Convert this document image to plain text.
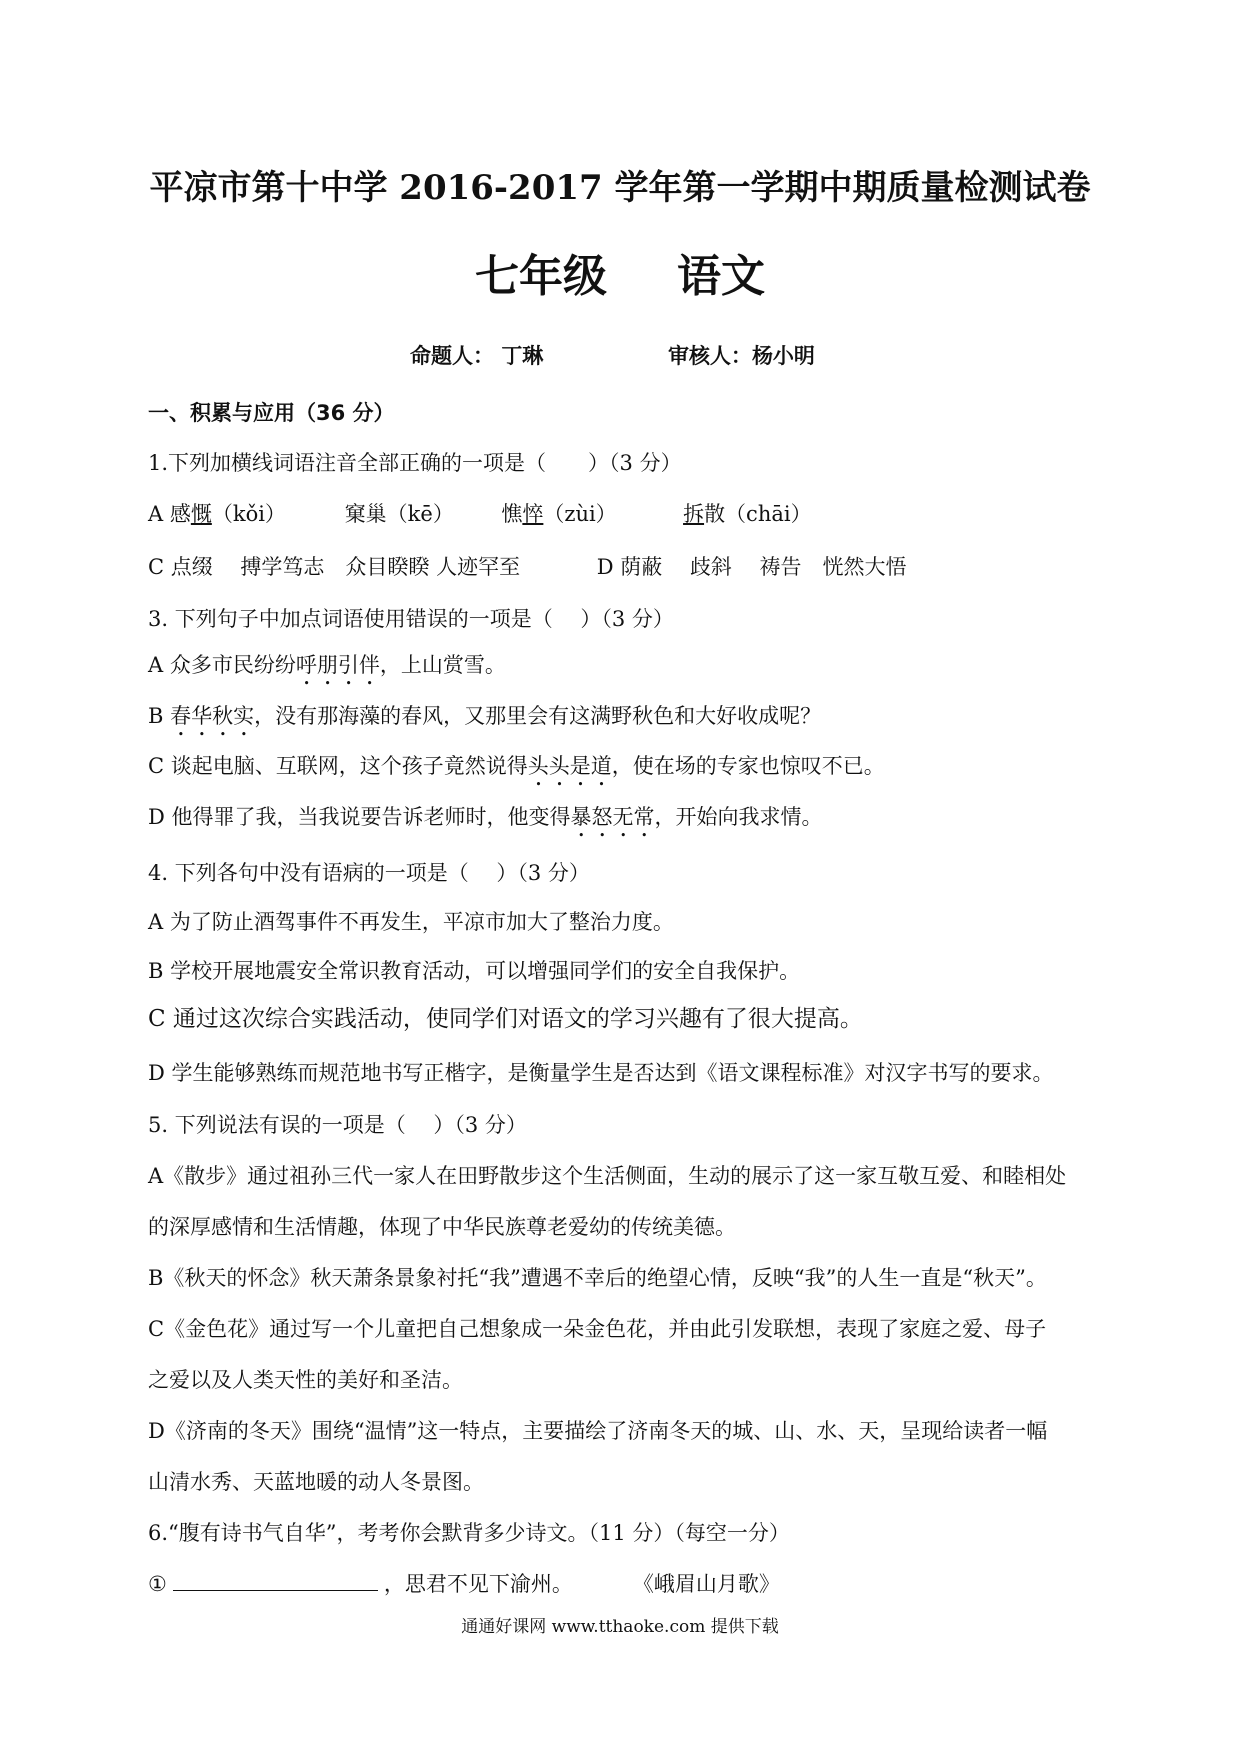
平凉市第十中学 2016-2017 学年第一学期中期质量检测试卷
七年级 语文
命题人： 丁琳	审核人：杨小明
一、积累与应用（36 分）
1.下列加横线词语注音全部正确的一项是（　　）（3 分）
A 感慨（kǒi）	窠巢（kē） 憔悴（zùi）	拆散（chāi）
C 点缀　 搏学笃志　众目睽睽 人迹罕至	D 荫蔽　 歧斜　 祷告　恍然大悟
3. 下列句子中加点词语使用错误的一项是（　 ）（3 分）
A 众多市民纷纷呼朋引伴，上山赏雪。
B 春华秋实，没有那海藻的春风，又那里会有这满野秋色和大好收成呢？
C 谈起电脑、互联网，这个孩子竟然说得头头是道，使在场的专家也惊叹不已。
D 他得罪了我，当我说要告诉老师时，他变得暴怒无常，开始向我求情。
4. 下列各句中没有语病的一项是（　 ）（3 分）
A 为了防止酒驾事件不再发生，平凉市加大了整治力度。
B 学校开展地震安全常识教育活动，可以增强同学们的安全自我保护。
C 通过这次综合实践活动，使同学们对语文的学习兴趣有了很大提高。
D 学生能够熟练而规范地书写正楷字，是衡量学生是否达到《语文课程标准》对汉字书写的要求。
5. 下列说法有误的一项是（　 ）（3 分）
A《散步》通过祖孙三代一家人在田野散步这个生活侧面，生动的展示了这一家互敬互爱、和睦相处
的深厚感情和生活情趣，体现了中华民族尊老爱幼的传统美德。
B《秋天的怀念》秋天萧条景象衬托“我”遭遇不幸后的绝望心情，反映“我”的人生一直是“秋天”。
C《金色花》通过写一个儿童把自己想象成一朵金色花，并由此引发联想，表现了家庭之爱、母子
之爱以及人类天性的美好和圣洁。
D《济南的冬天》围绕“温情”这一特点，主要描绘了济南冬天的城、山、水、天，呈现给读者一幅
山清水秀、天蓝地暖的动人冬景图。
6.“腹有诗书气自华”，考考你会默背多少诗文。（11 分）（每空一分）
①	，思君不见下渝州。	《峨眉山月歌》
通通好课网 www.tthaoke.com 提供下载
